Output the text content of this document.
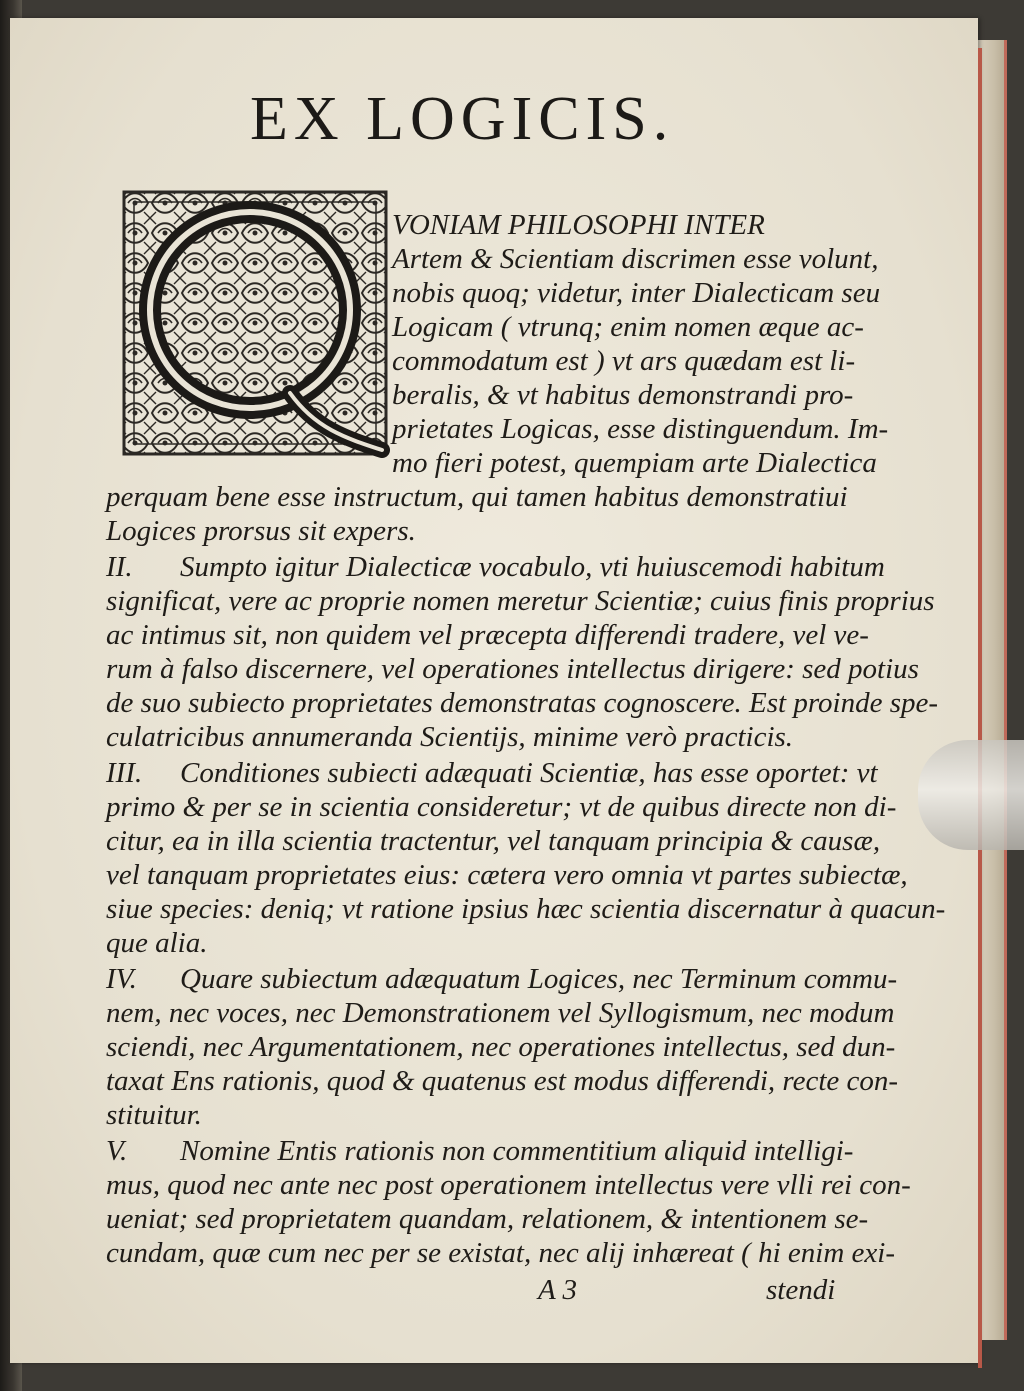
EX LOGICIS.
VONIAM PHILOSOPHI INTER
Artem & Scientiam discrimen esse volunt,
nobis quoq; videtur, inter Dialecticam seu
Logicam ( vtrunq; enim nomen æque ac-
commodatum est ) vt ars quædam est li-
beralis, & vt habitus demonstrandi pro-
prietates Logicas, esse distinguendum. Im-
mo fieri potest, quempiam arte Dialectica
perquam bene esse instructum, qui tamen habitus demonstratiui
Logices prorsus sit expers.
II. Sumpto igitur Dialecticæ vocabulo, vti huiuscemodi habitum
significat, vere ac proprie nomen meretur Scientiæ; cuius finis proprius
ac intimus sit, non quidem vel præcepta differendi tradere, vel ve-
rum à falso discernere, vel operationes intellectus dirigere: sed potius
de suo subiecto proprietates demonstratas cognoscere. Est proinde spe-
culatricibus annumeranda Scientijs, minime verò practicis.
III. Conditiones subiecti adæquati Scientiæ, has esse oportet: vt
primo & per se in scientia consideretur; vt de quibus directe non di-
citur, ea in illa scientia tractentur, vel tanquam principia & causæ,
vel tanquam proprietates eius: cætera vero omnia vt partes subiectæ,
siue species: deniq; vt ratione ipsius hæc scientia discernatur à quacun-
que alia.
IV. Quare subiectum adæquatum Logices, nec Terminum commu-
nem, nec voces, nec Demonstrationem vel Syllogismum, nec modum
sciendi, nec Argumentationem, nec operationes intellectus, sed dun-
taxat Ens rationis, quod & quatenus est modus differendi, recte con-
stituitur.
V. Nomine Entis rationis non commentitium aliquid intelligi-
mus, quod nec ante nec post operationem intellectus vere vlli rei con-
ueniat; sed proprietatem quandam, relationem, & intentionem se-
cundam, quæ cum nec per se existat, nec alij inhæreat ( hi enim exi-
A 3	stendi
